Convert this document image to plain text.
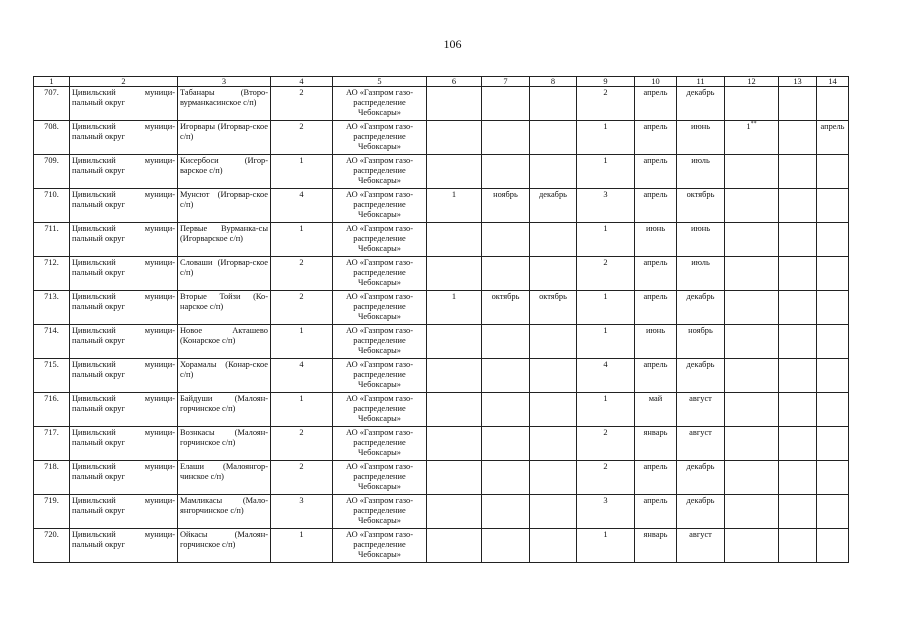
106
1	2	3	4	5	6	7	8	9	10	11	12	13	14
707.	Цивильский муници-пальный округ	Табанары (Второ-вурманкасинское с/п)	2	АО «Газпром газо-распределение Чебоксары»				2	апрель	декабрь			
708.	Цивильский муници-пальный округ	Игорвары (Игорвар-ское с/п)	2	АО «Газпром газо-распределение Чебоксары»				1	апрель	июнь	1**		апрель
709.	Цивильский муници-пальный округ	Кисербоси (Игор-варское с/п)	1	АО «Газпром газо-распределение Чебоксары»				1	апрель	июль			
710.	Цивильский муници-пальный округ	Мунсют (Игорвар-ское с/п)	4	АО «Газпром газо-распределение Чебоксары»	1	ноябрь	декабрь	3	апрель	октябрь			
711.	Цивильский муници-пальный округ	Первые Вурманка-сы (Игорварское с/п)	1	АО «Газпром газо-распределение Чебоксары»				1	июнь	июнь			
712.	Цивильский муници-пальный округ	Словаши (Игорвар-ское с/п)	2	АО «Газпром газо-распределение Чебоксары»				2	апрель	июль			
713.	Цивильский муници-пальный округ	Вторые Тойзи (Ко-нарское с/п)	2	АО «Газпром газо-распределение Чебоксары»	1	октябрь	октябрь	1	апрель	декабрь			
714.	Цивильский муници-пальный округ	Новое Акташево (Конарское с/п)	1	АО «Газпром газо-распределение Чебоксары»				1	июнь	ноябрь			
715.	Цивильский муници-пальный округ	Хорамалы (Конар-ское с/п)	4	АО «Газпром газо-распределение Чебоксары»				4	апрель	декабрь			
716.	Цивильский муници-пальный округ	Байдуши (Малоян-горчинское с/п)	1	АО «Газпром газо-распределение Чебоксары»				1	май	август			
717.	Цивильский муници-пальный округ	Вознкасы (Малоян-горчинское с/п)	2	АО «Газпром газо-распределение Чебоксары»				2	январь	август			
718.	Цивильский муници-пальный округ	Елаши (Малоянгор-чинское с/п)	2	АО «Газпром газо-распределение Чебоксары»				2	апрель	декабрь			
719.	Цивильский муници-пальный округ	Мамликасы (Мало-янгорчинское с/п)	3	АО «Газпром газо-распределение Чебоксары»				3	апрель	декабрь			
720.	Цивильский муници-пальный округ	Ойкасы (Малоян-горчинское с/п)	1	АО «Газпром газо-распределение Чебоксары»				1	январь	август			
